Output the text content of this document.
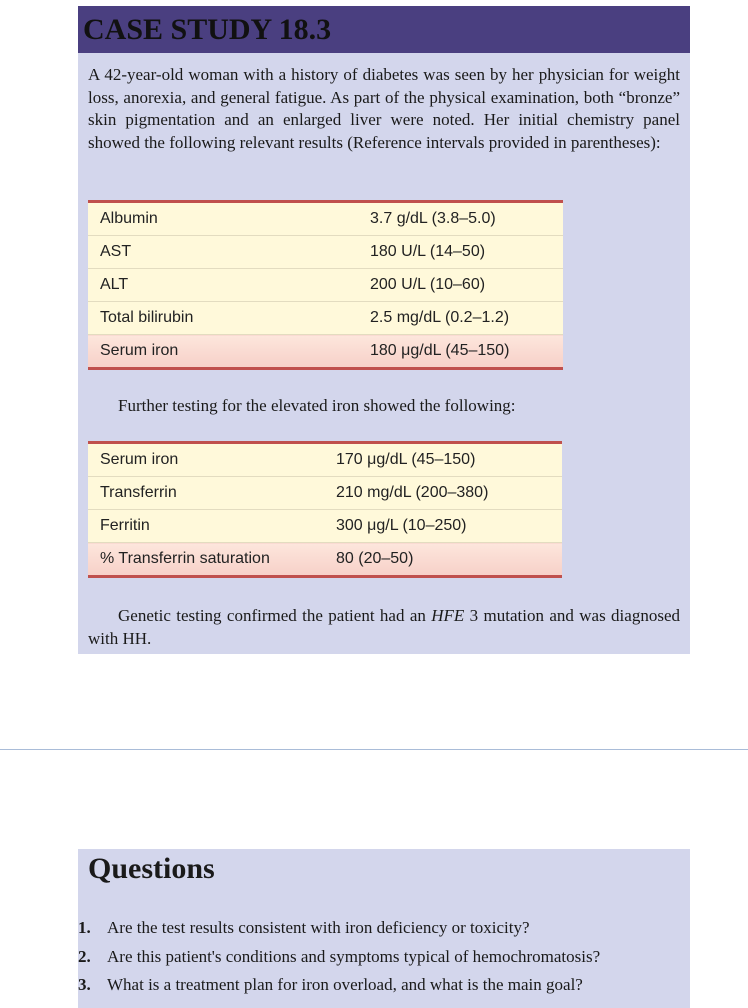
CASE STUDY 18.3

A 42-year-old woman with a history of diabetes was seen by her physician for weight loss, anorexia, and general fatigue. As part of the physical examination, both “bronze” skin pigmentation and an enlarged liver were noted. Her initial chemistry panel showed the following relevant results (Reference intervals provided in parentheses):

Albumin	3.7 g/dL (3.8–5.0)
AST	180 U/L (14–50)
ALT	200 U/L (10–60)
Total bilirubin	2.5 mg/dL (0.2–1.2)
Serum iron	180 μg/dL (45–150)

Further testing for the elevated iron showed the following:

Serum iron	170 μg/dL (45–150)
Transferrin	210 mg/dL (200–380)
Ferritin	300 μg/L (10–250)
% Transferrin saturation	80 (20–50)

Genetic testing confirmed the patient had an HFE 3 mutation and was diagnosed with HH.

Questions
1. Are the test results consistent with iron deficiency or toxicity?
2. Are this patient's conditions and symptoms typical of hemochromatosis?
3. What is a treatment plan for iron overload, and what is the main goal?
